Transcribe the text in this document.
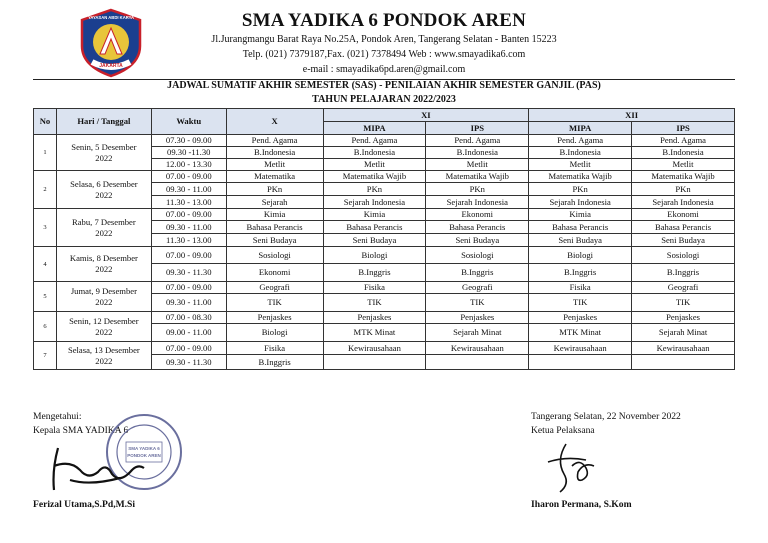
JAKARTA
YAYASAN ABDI KARYA	SMA YADIKA 6 PONDOK AREN
Jl.Jurangmangu Barat Raya No.25A, Pondok Aren, Tangerang Selatan - Banten 15223
Telp. (021) 7379187,Fax. (021) 7378494 Web : www.smayadika6.com
e-mail : smayadika6pd.aren@gmail.com
JADWAL SUMATIF AKHIR SEMESTER (SAS) - PENILAIAN AKHIR SEMESTER GANJIL (PAS)
TAHUN PELAJARAN 2022/2023
No	Hari / Tanggal	Waktu	X	XI		XII	
				MIPA	IPS	MIPA	IPS
1	Senin, 5 Desember 2022	07.30 - 09.00	Pend. Agama	Pend. Agama	Pend. Agama	Pend. Agama	Pend. Agama
		09.30 -11.30	B.Indonesia	B.Indonesia	B.Indonesia	B.Indonesia	B.Indonesia
		12.00 - 13.30	Metlit	Metlit	Metlit	Metlit	Metlit
2	Selasa, 6 Desember 2022	07.00 - 09.00	Matematika	Matematika Wajib	Matematika Wajib	Matematika Wajib	Matematika Wajib
		09.30 - 11.00	PKn	PKn	PKn	PKn	PKn
		11.30 - 13.00	Sejarah	Sejarah Indonesia	Sejarah Indonesia	Sejarah Indonesia	Sejarah Indonesia
3	Rabu, 7 Desember 2022	07.00 - 09.00	Kimia	Kimia	Ekonomi	Kimia	Ekonomi
		09.30 - 11.00	Bahasa Perancis	Bahasa Perancis	Bahasa Perancis	Bahasa Perancis	Bahasa Perancis
		11.30 - 13.00	Seni Budaya	Seni Budaya	Seni Budaya	Seni Budaya	Seni Budaya
4	Kamis, 8 Desember 2022	07.00 - 09.00	Sosiologi	Biologi	Sosiologi	Biologi	Sosiologi
		09.30 - 11.30	Ekonomi	B.Inggris	B.Inggris	B.Inggris	B.Inggris
5	Jumat, 9 Desember 2022	07.00 - 09.00	Geografi	Fisika	Geografi	Fisika	Geografi
		09.30 - 11.00	TIK	TIK	TIK	TIK	TIK
6	Senin, 12 Desember 2022	07.00 - 08.30	Penjaskes	Penjaskes	Penjaskes	Penjaskes	Penjaskes
		09.00 - 11.00	Biologi	MTK Minat	Sejarah Minat	MTK Minat	Sejarah Minat
7	Selasa, 13 Desember 2022	07.00 - 09.00	Fisika	Kewirausahaan	Kewirausahaan	Kewirausahaan	Kewirausahaan
		09.30 - 11.30	B.Inggris				
Mengetahui:
Kepala SMA YADIKA 6
SMA YADIKA 6
PONDOK AREN
Ferizal Utama,S.Pd,M.Si
Tangerang Selatan, 22 November 2022
Ketua Pelaksana
Iharon Permana, S.Kom
